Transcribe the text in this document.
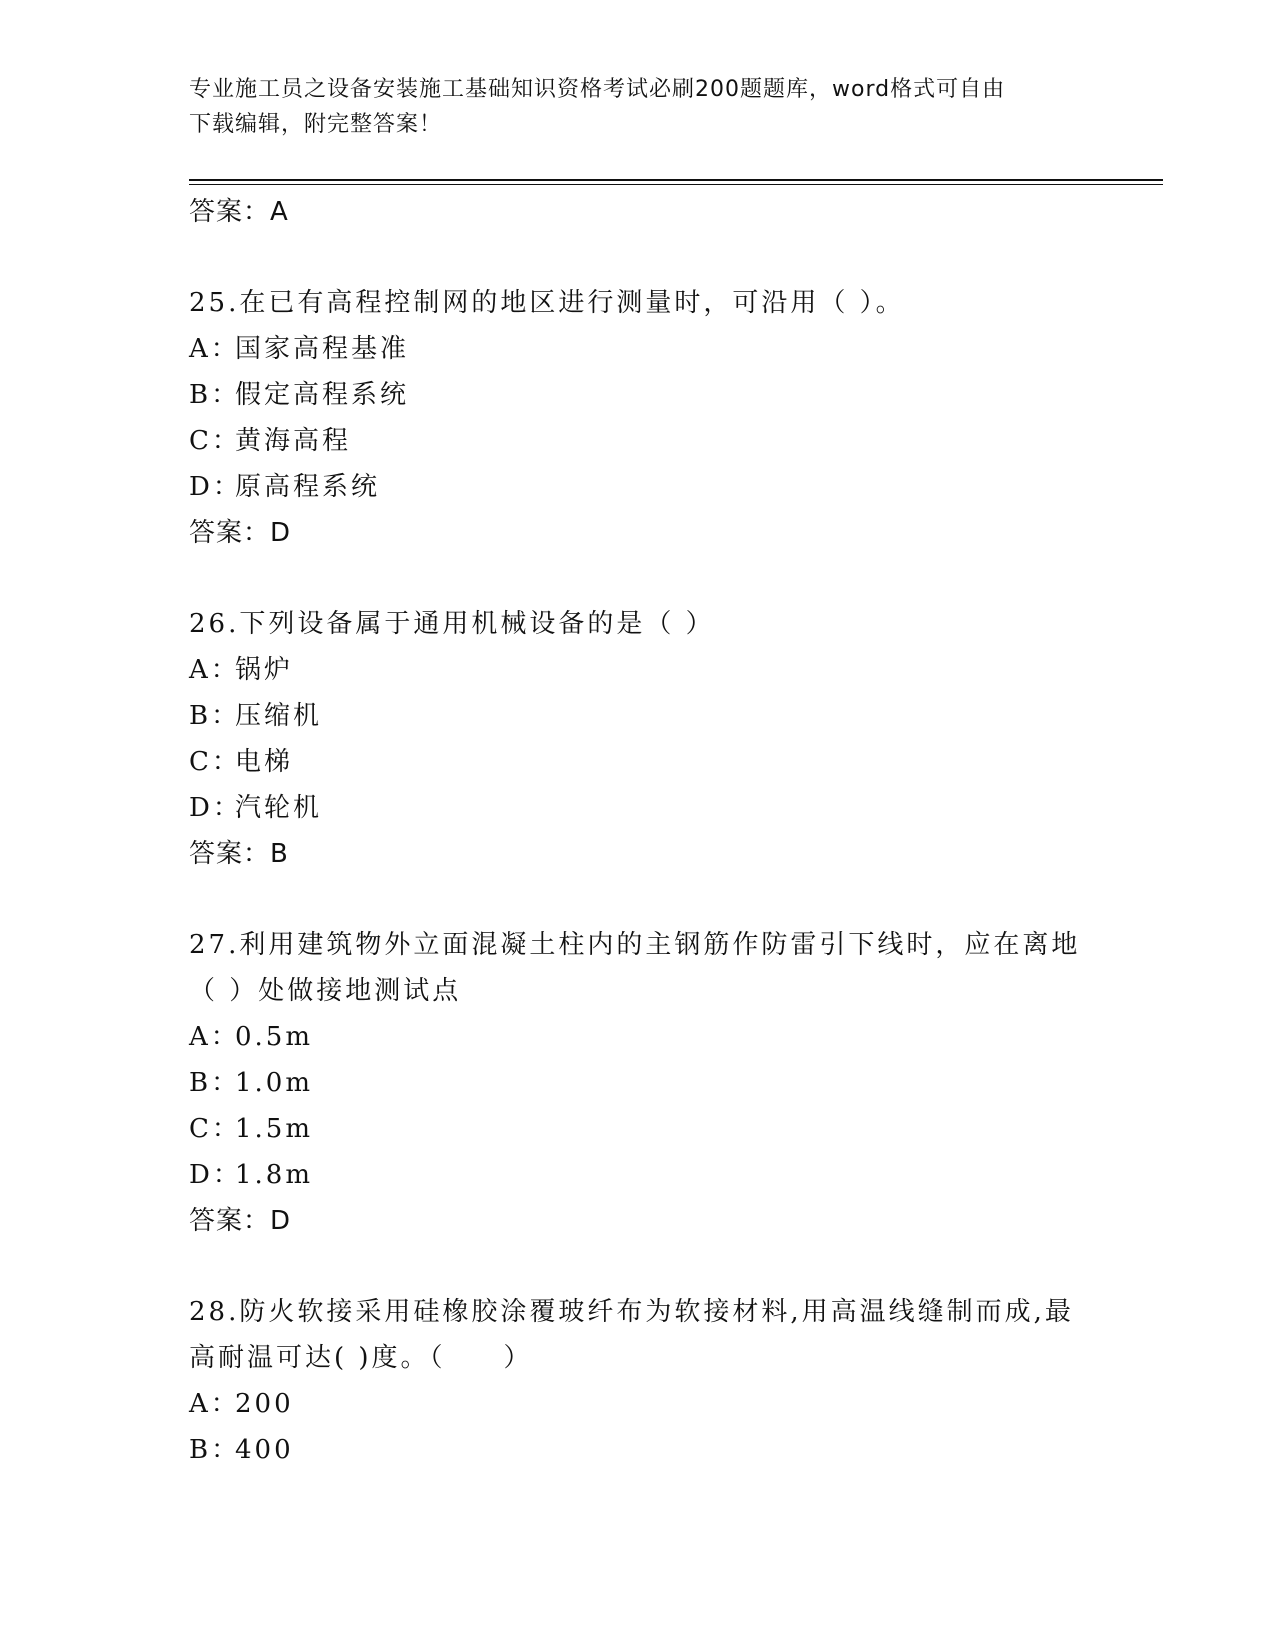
专业施工员之设备安装施工基础知识资格考试必刷200题题库，word格式可自由
下载编辑，附完整答案！
答案：A
25.在已有高程控制网的地区进行测量时，可沿用（ ）。
A：国家高程基准
B：假定高程系统
C：黄海高程
D：原高程系统
答案：D
26.下列设备属于通用机械设备的是（ ）
A：锅炉
B：压缩机
C：电梯
D：汽轮机
答案：B
27.利用建筑物外立面混凝土柱内的主钢筋作防雷引下线时，应在离地
（ ）处做接地测试点
A：0.5m
B：1.0m
C：1.5m
D：1.8m
答案：D
28.防火软接采用硅橡胶涂覆玻纤布为软接材料,用高温线缝制而成,最
高耐温可达( )度。（　　）
A：200
B：400
